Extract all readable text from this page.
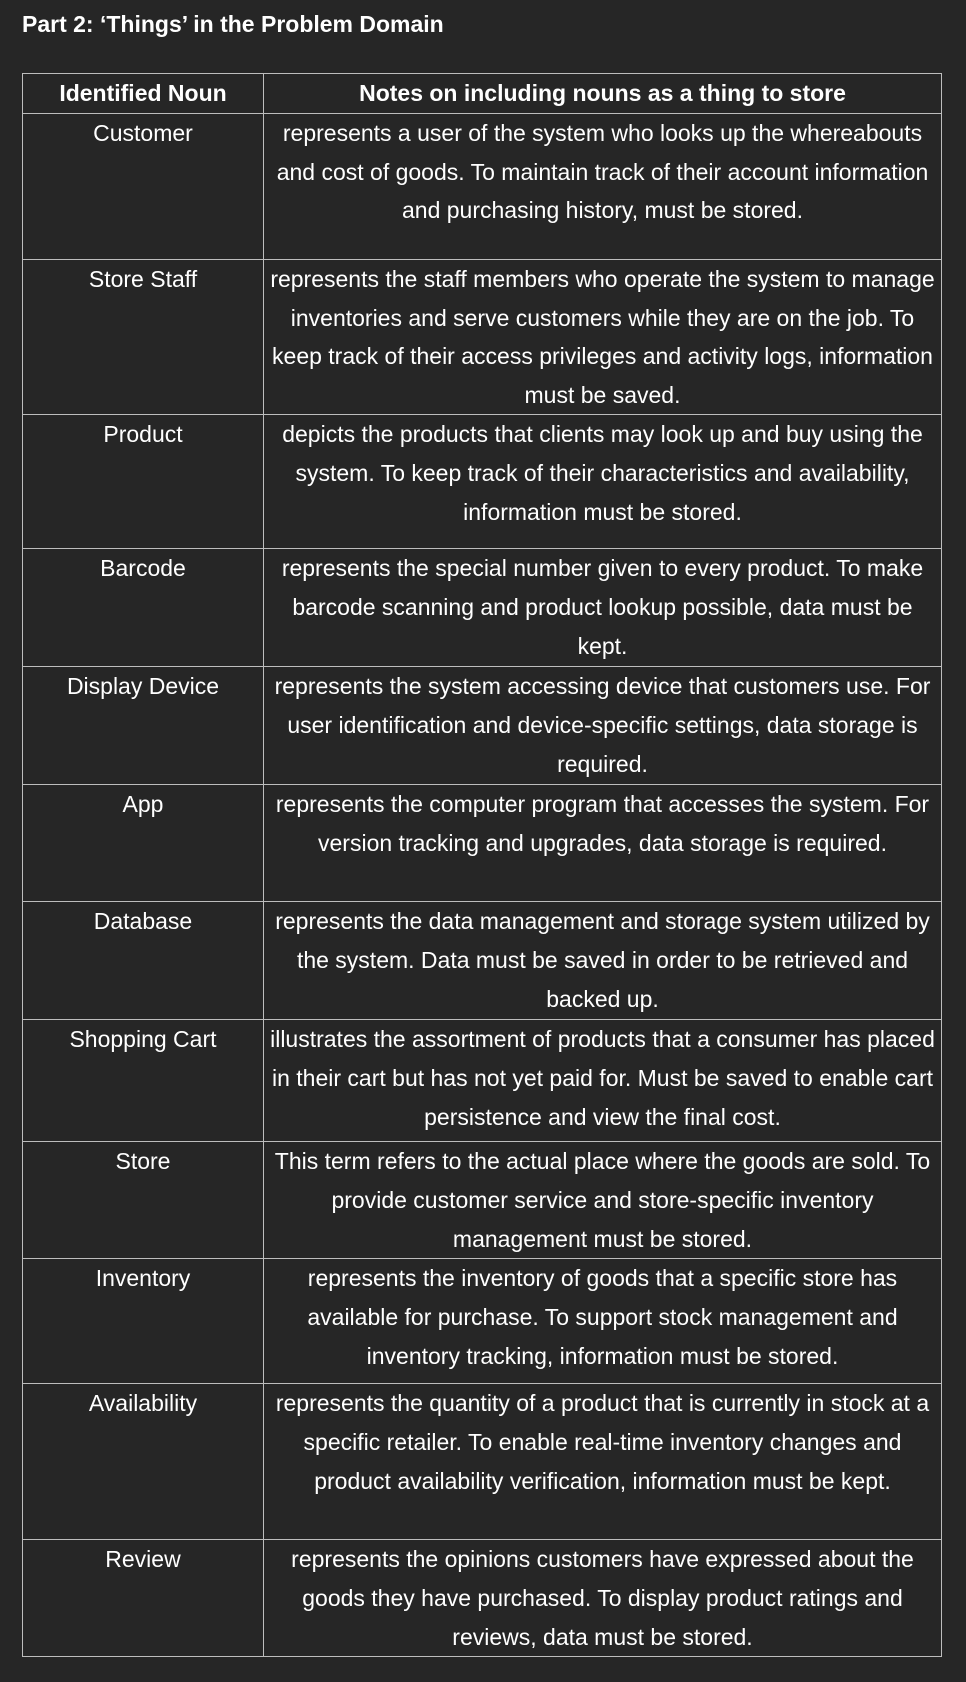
Part 2: ‘Things’ in the Problem Domain
Identified Noun	Notes on including nouns as a thing to store
Customer	represents a user of the system who looks up the whereabouts and cost of goods. To maintain track of their account information and purchasing history, must be stored.
Store Staff	represents the staff members who operate the system to manage inventories and serve customers while they are on the job. To keep track of their access privileges and activity logs, information must be saved.
Product	depicts the products that clients may look up and buy using the system. To keep track of their characteristics and availability, information must be stored.
Barcode	represents the special number given to every product. To make barcode scanning and product lookup possible, data must be kept.
Display Device	represents the system accessing device that customers use. For user identification and device-specific settings, data storage is required.
App	represents the computer program that accesses the system. For version tracking and upgrades, data storage is required.
Database	represents the data management and storage system utilized by the system. Data must be saved in order to be retrieved and backed up.
Shopping Cart	illustrates the assortment of products that a consumer has placed in their cart but has not yet paid for. Must be saved to enable cart persistence and view the final cost.
Store	This term refers to the actual place where the goods are sold. To provide customer service and store-specific inventory management must be stored.
Inventory	represents the inventory of goods that a specific store has available for purchase. To support stock management and inventory tracking, information must be stored.
Availability	represents the quantity of a product that is currently in stock at a specific retailer. To enable real-time inventory changes and product availability verification, information must be kept.
Review	represents the opinions customers have expressed about the goods they have purchased. To display product ratings and reviews, data must be stored.
